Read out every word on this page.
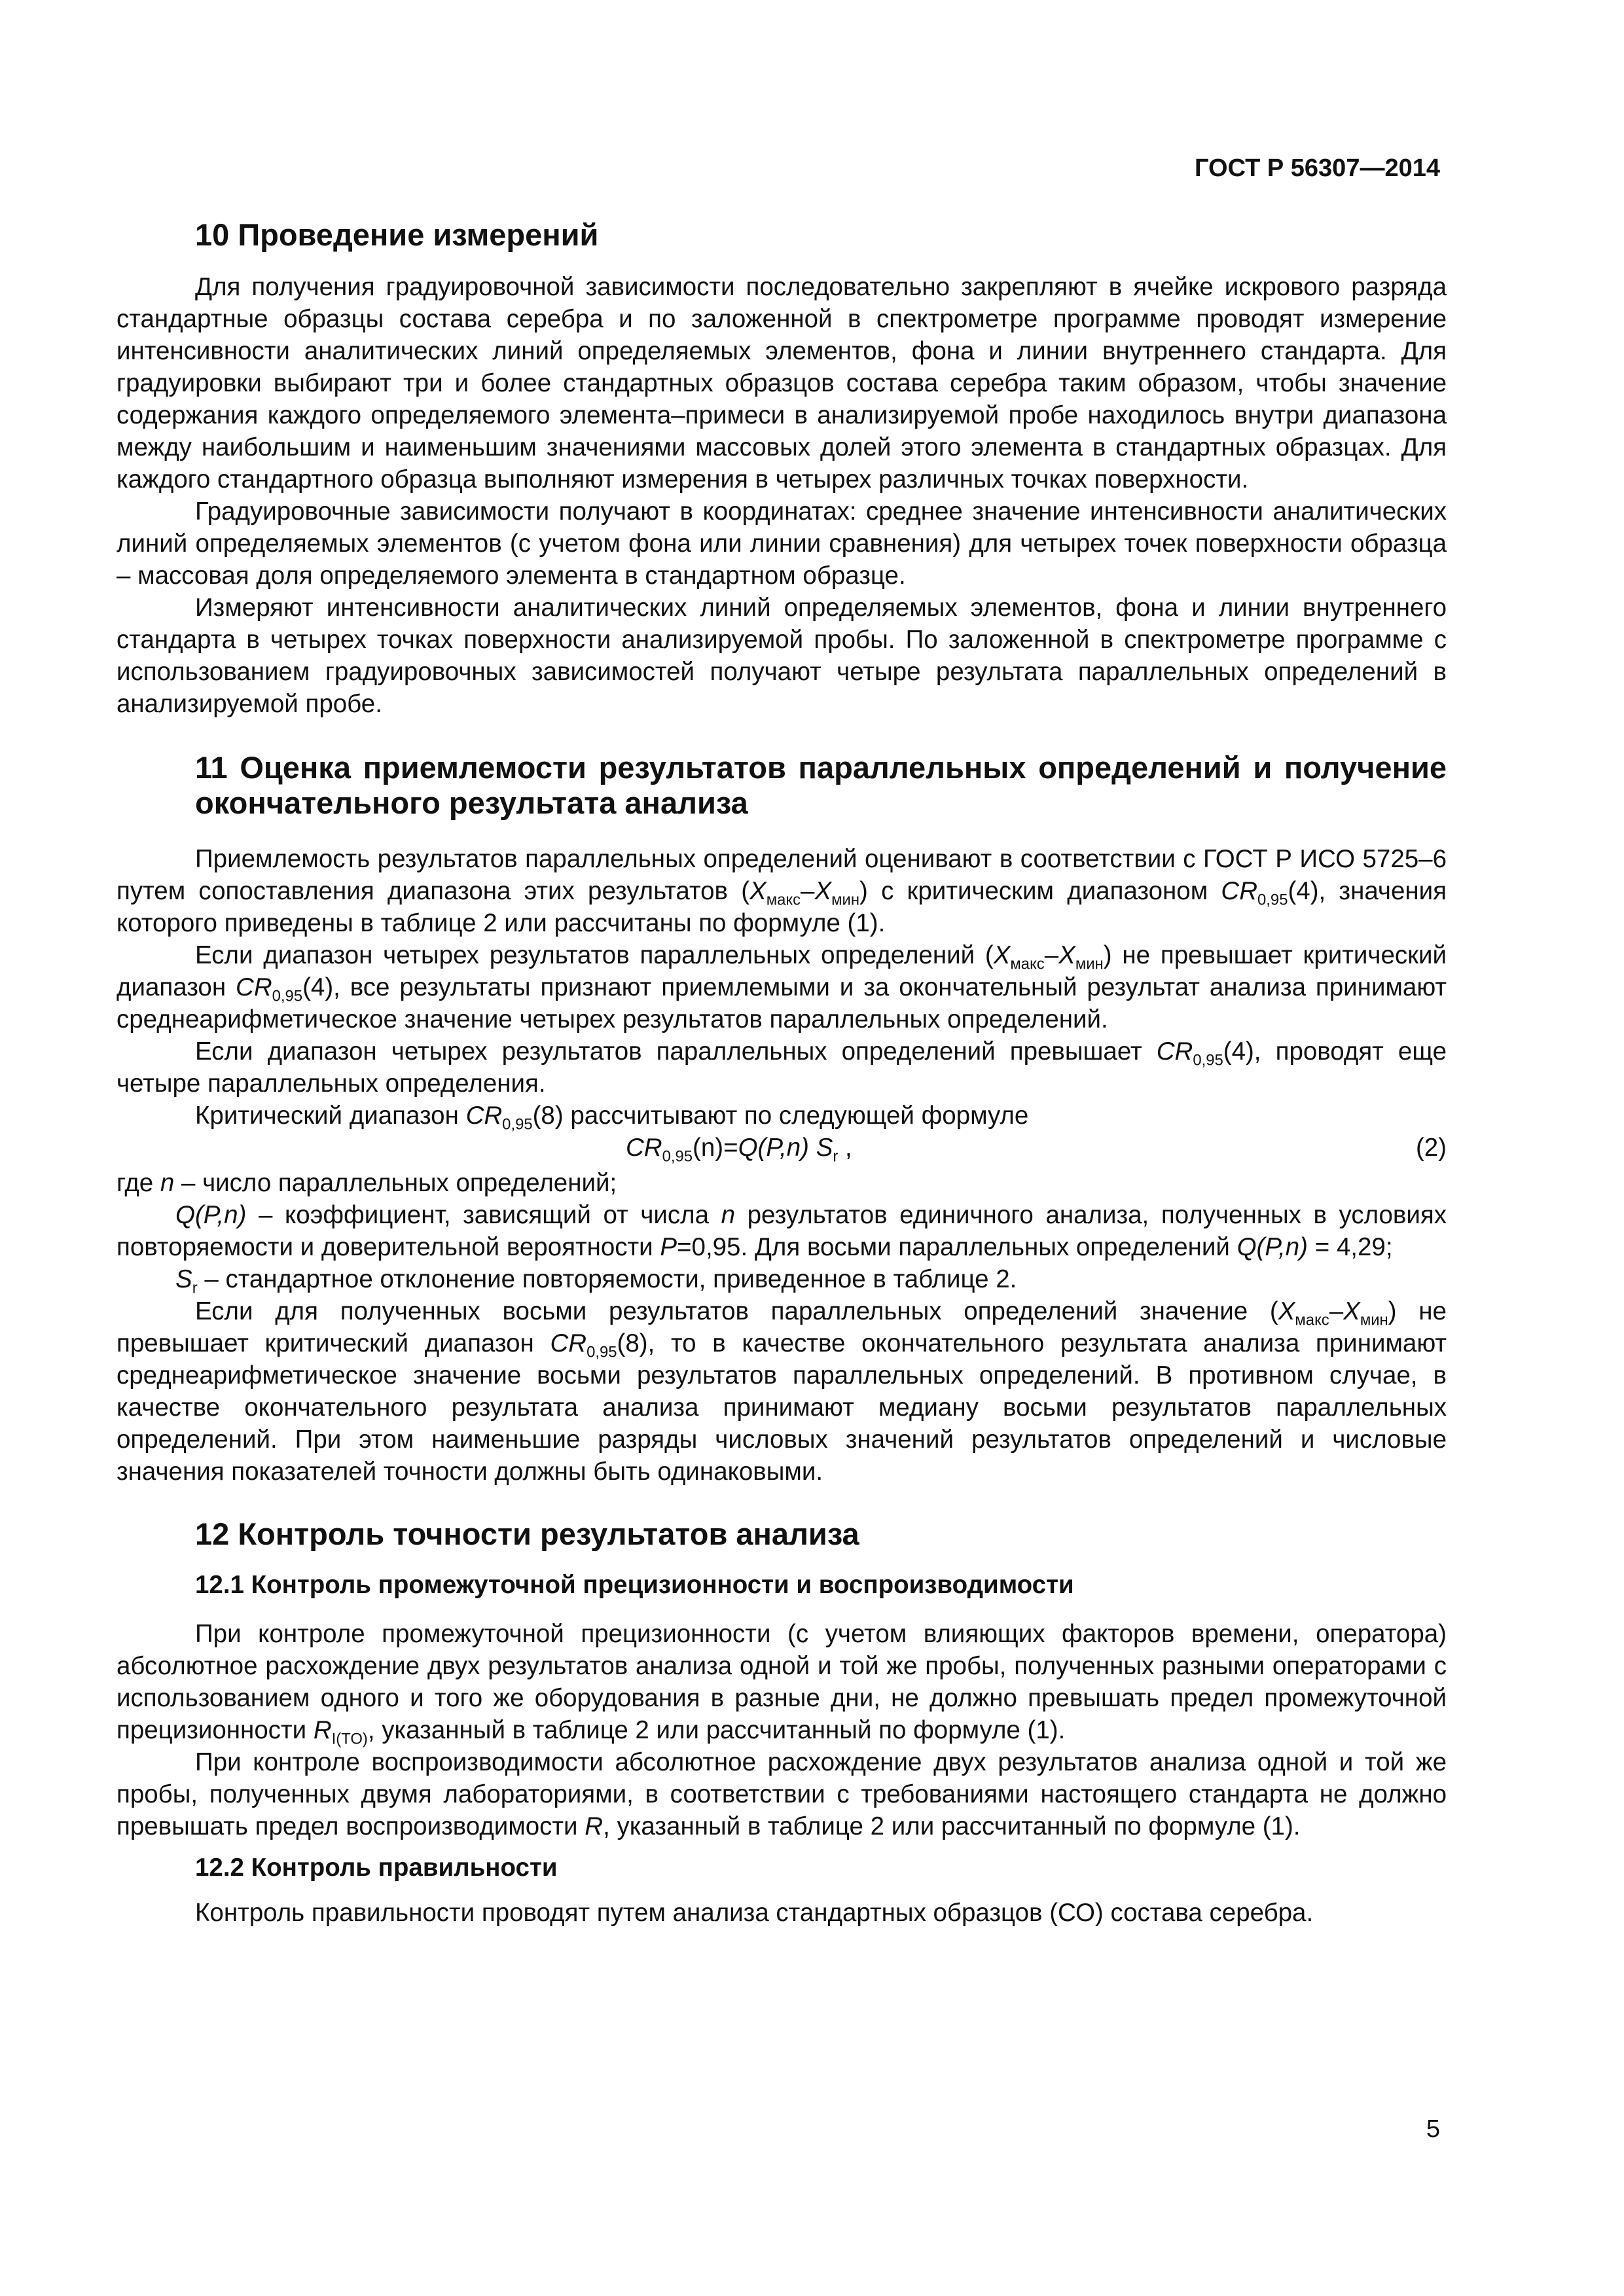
ГОСТ Р 56307—2014

10 Проведение измерений

Для получения градуировочной зависимости последовательно закрепляют в ячейке искрового разряда стандартные образцы состава серебра и по заложенной в спектрометре программе проводят измерение интенсивности аналитических линий определяемых элементов, фона и линии внутреннего стандарта. Для градуировки выбирают три и более стандартных образцов состава серебра таким образом, чтобы значение содержания каждого определяемого элемента–примеси в анализируемой пробе находилось внутри диапазона между наибольшим и наименьшим значениями массовых долей этого элемента в стандартных образцах. Для каждого стандартного образца выполняют измерения в четырех различных точках поверхности.

Градуировочные зависимости получают в координатах: среднее значение интенсивности аналитических линий определяемых элементов (с учетом фона или линии сравнения) для четырех точек поверхности образца – массовая доля определяемого элемента в стандартном образце.

Измеряют интенсивности аналитических линий определяемых элементов, фона и линии внутреннего стандарта в четырех точках поверхности анализируемой пробы. По заложенной в спектрометре программе с использованием градуировочных зависимостей получают четыре результата параллельных определений в анализируемой пробе.

11 Оценка приемлемости результатов параллельных определений и получение окончательного результата анализа

Приемлемость результатов параллельных определений оценивают в соответствии с ГОСТ Р ИСО 5725–6 путем сопоставления диапазона этих результатов $(X_{макс}-X_{мин})$ с критическим диапазоном $CR_{0,95}(4)$, значения которого приведены в таблице 2 или рассчитаны по формуле (1).

Если диапазон четырех результатов параллельных определений $(X_{макс}-X_{мин})$ не превышает критический диапазон $CR_{0,95}(4)$, все результаты признают приемлемыми и за окончательный результат анализа принимают среднеарифметическое значение четырех результатов параллельных определений.

Если диапазон четырех результатов параллельных определений превышает $CR_{0,95}(4)$, проводят еще четыре параллельных определения.

Критический диапазон $CR_{0,95}(8)$ рассчитывают по следующей формуле

$CR_{0,95}(n)=Q(P,n)$ $S_r$ ,	(2)

где n – число параллельных определений;

Q(P,n) – коэффициент, зависящий от числа n результатов единичного анализа, полученных в условиях повторяемости и доверительной вероятности P=0,95. Для восьми параллельных определений Q(P,n) = 4,29;

$S_r$ – стандартное отклонение повторяемости, приведенное в таблице 2.

Если для полученных восьми результатов параллельных определений значение $(X_{макс}-X_{мин})$ не превышает критический диапазон $CR_{0,95}(8)$, то в качестве окончательного результата анализа принимают среднеарифметическое значение восьми результатов параллельных определений. В противном случае, в качестве окончательного результата анализа принимают медиану восьми результатов параллельных определений. При этом наименьшие разряды числовых значений результатов определений и числовые значения показателей точности должны быть одинаковыми.

12 Контроль точности результатов анализа
12.1 Контроль промежуточной прецизионности и воспроизводимости

При контроле промежуточной прецизионности (с учетом влияющих факторов времени, оператора) абсолютное расхождение двух результатов анализа одной и той же пробы, полученных разными операторами с использованием одного и того же оборудования в разные дни, не должно превышать предел промежуточной прецизионности $R_{I(TO)}$, указанный в таблице 2 или рассчитанный по формуле (1).

При контроле воспроизводимости абсолютное расхождение двух результатов анализа одной и той же пробы, полученных двумя лабораториями, в соответствии с требованиями настоящего стандарта не должно превышать предел воспроизводимости R, указанный в таблице 2 или рассчитанный по формуле (1).

12.2 Контроль правильности

Контроль правильности проводят путем анализа стандартных образцов (СО) состава серебра.

5
